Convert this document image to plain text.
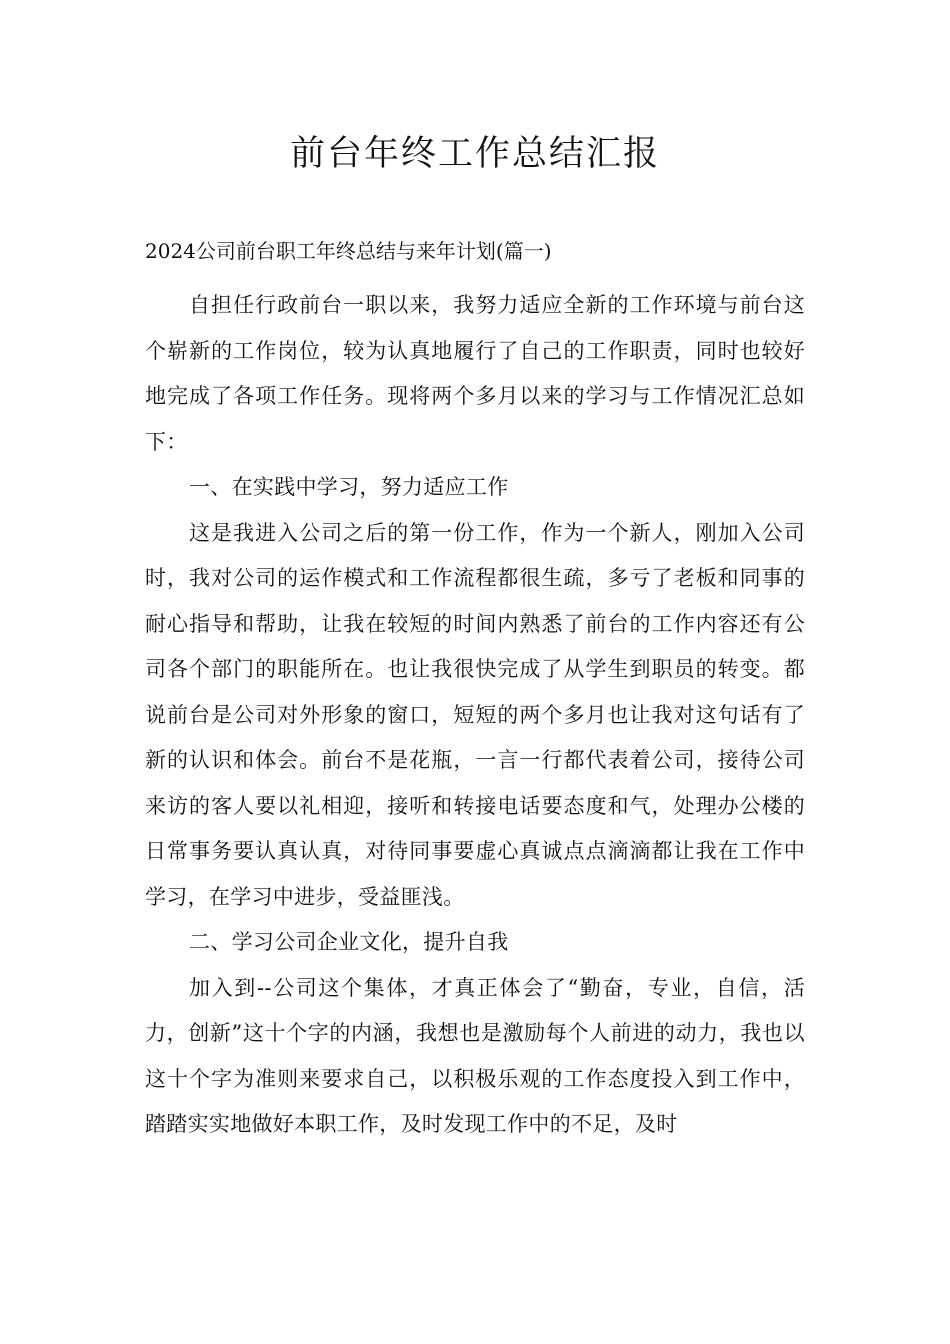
前台年终工作总结汇报

2024公司前台职工年终总结与来年计划(篇一)

自担任行政前台一职以来，我努力适应全新的工作环境与前台这个崭新的工作岗位，较为认真地履行了自己的工作职责，同时也较好地完成了各项工作任务。现将两个多月以来的学习与工作情况汇总如下：

一、在实践中学习，努力适应工作

这是我进入公司之后的第一份工作，作为一个新人，刚加入公司时，我对公司的运作模式和工作流程都很生疏，多亏了老板和同事的耐心指导和帮助，让我在较短的时间内熟悉了前台的工作内容还有公司各个部门的职能所在。也让我很快完成了从学生到职员的转变。都说前台是公司对外形象的窗口，短短的两个多月也让我对这句话有了新的认识和体会。前台不是花瓶，一言一行都代表着公司，接待公司来访的客人要以礼相迎，接听和转接电话要态度和气，处理办公楼的日常事务要认真认真，对待同事要虚心真诚点点滴滴都让我在工作中学习，在学习中进步，受益匪浅。

二、学习公司企业文化，提升自我

加入到--公司这个集体，才真正体会了“勤奋，专业，自信，活力，创新”这十个字的内涵，我想也是激励每个人前进的动力，我也以这十个字为准则来要求自己，以积极乐观的工作态度投入到工作中，踏踏实实地做好本职工作，及时发现工作中的不足，及时
